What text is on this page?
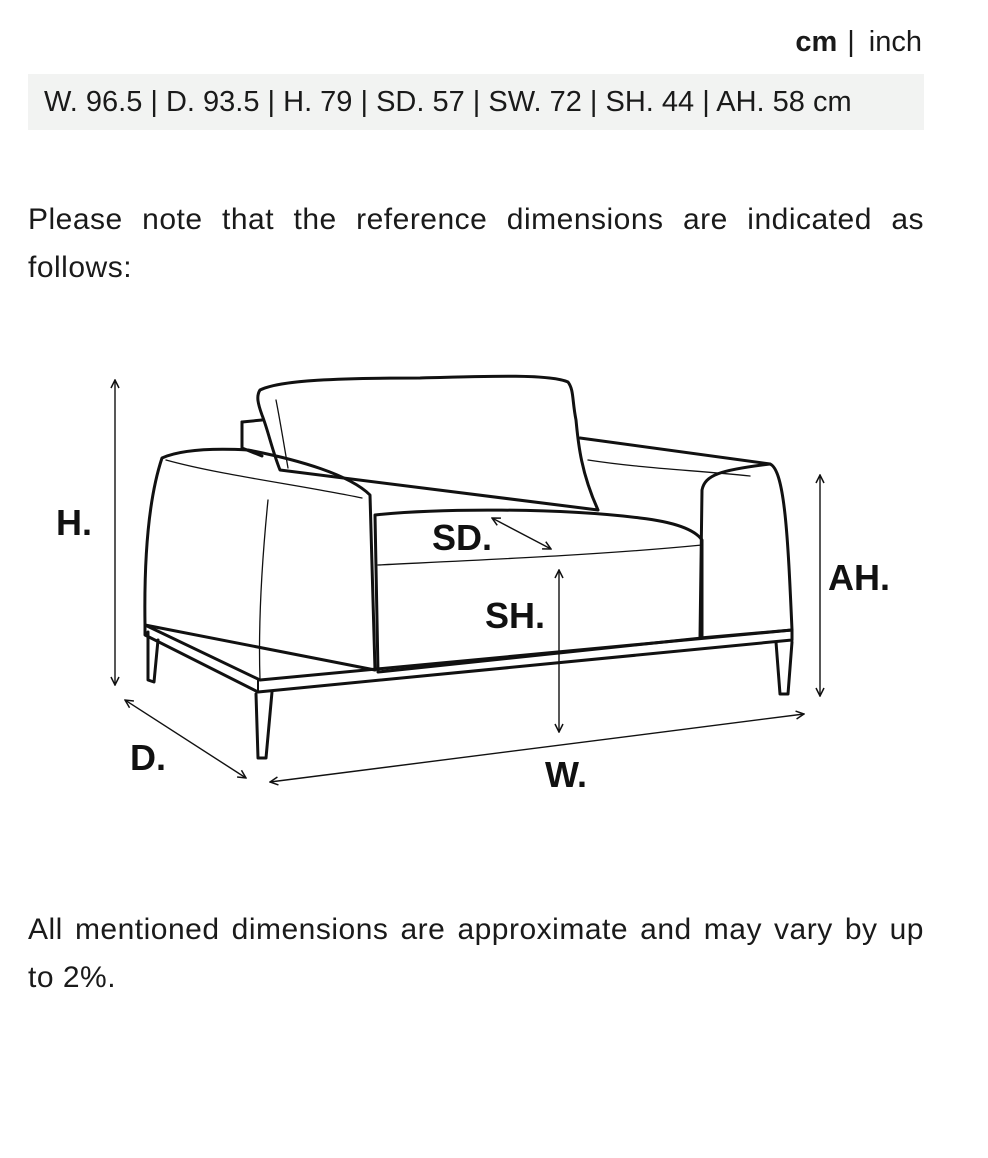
cm | inch
W. 96.5 | D. 93.5 | H. 79 | SD. 57 | SW. 72 | SH. 44 | AH. 58 cm

Please note that the reference dimensions are indicated as follows:

H.
D.	W.
SD.
SH.
AH.

All mentioned dimensions are approximate and may vary by up to 2%.
